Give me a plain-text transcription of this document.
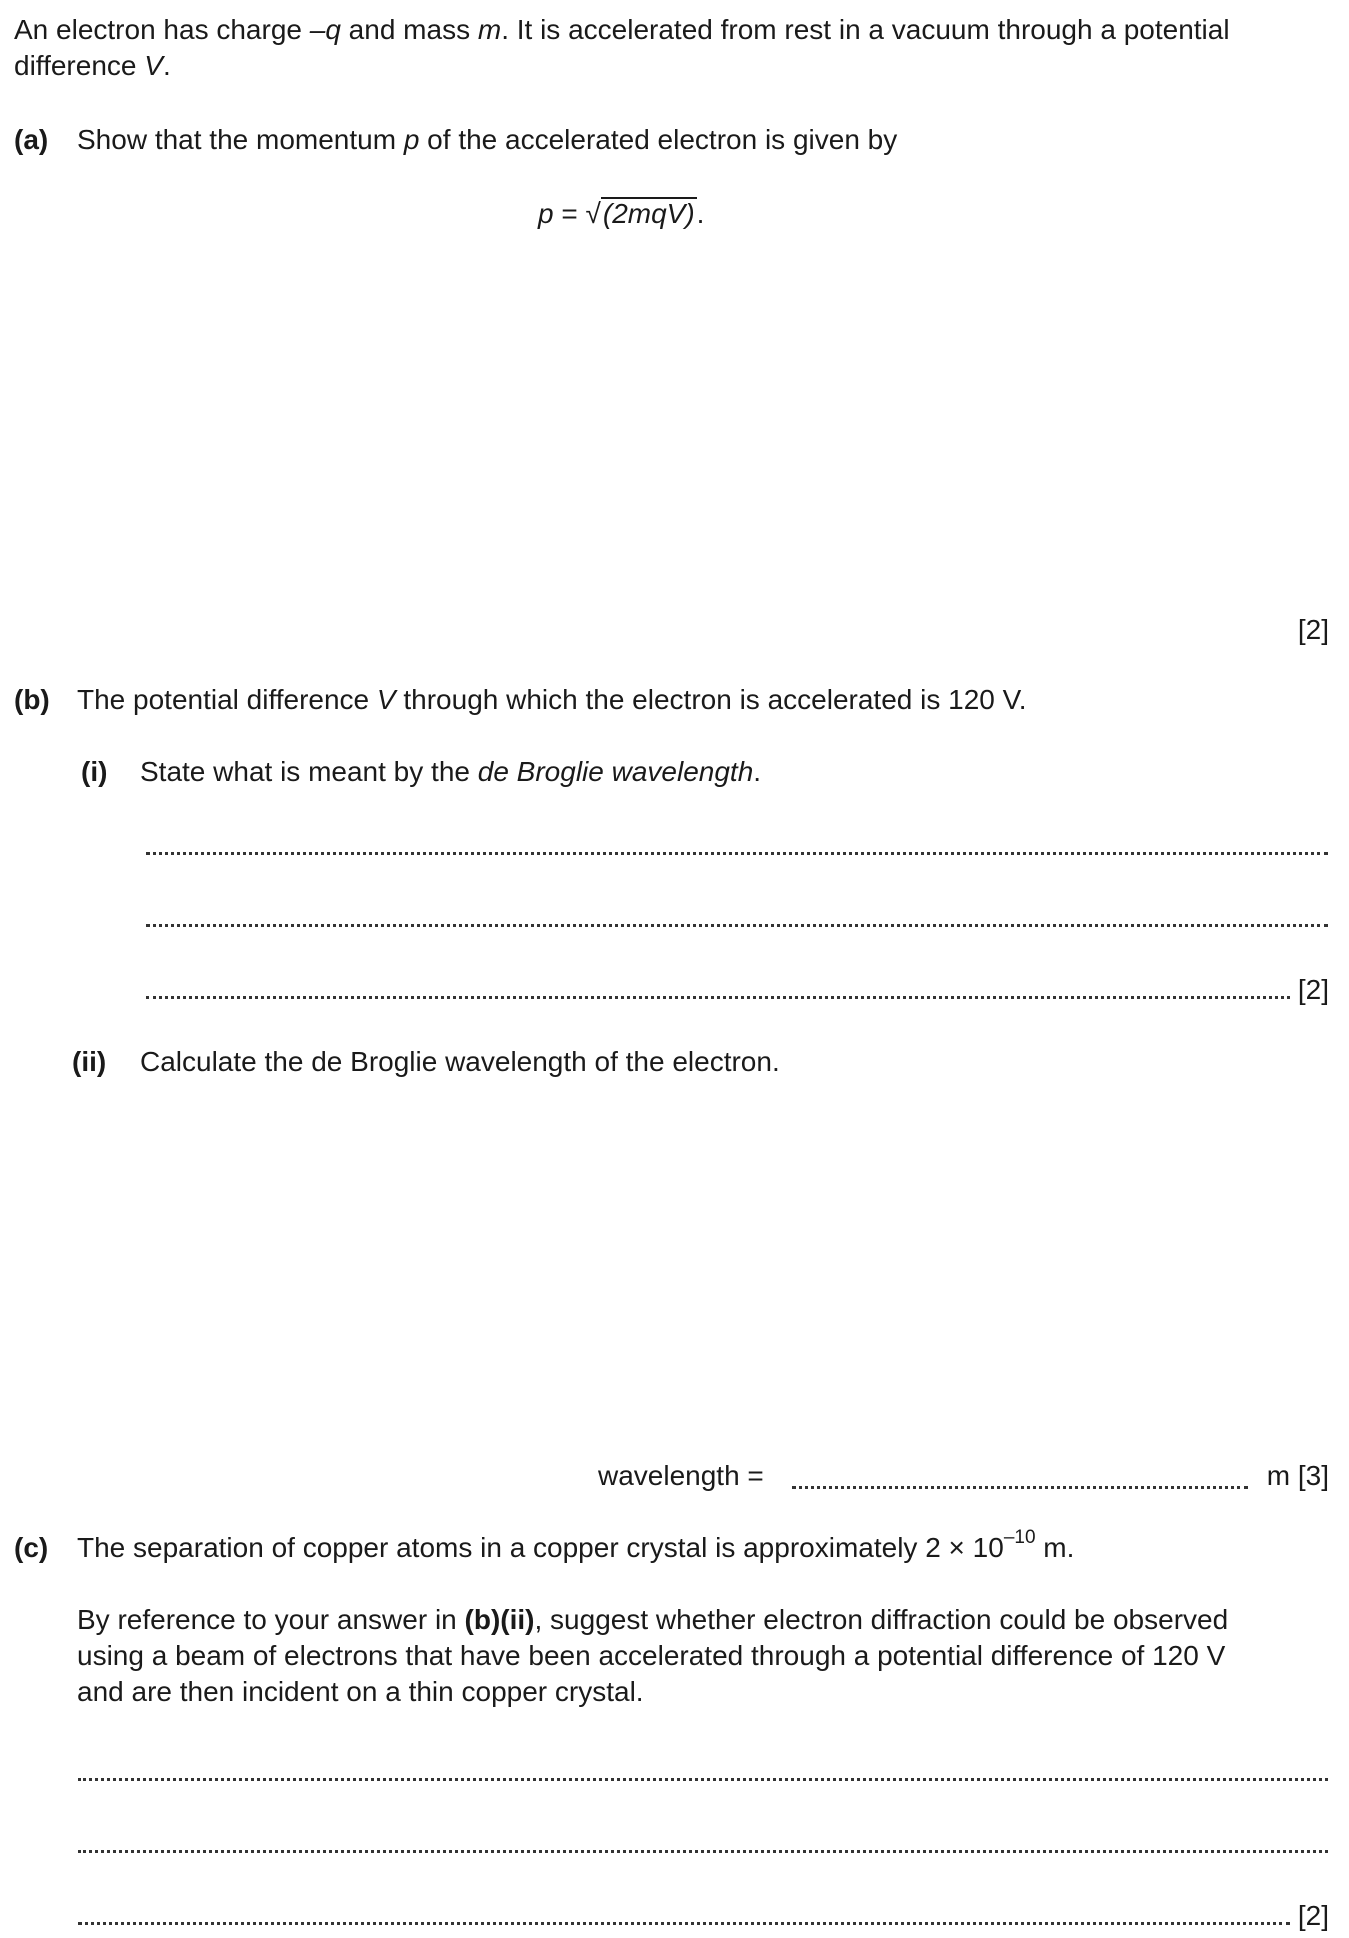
An electron has charge –q and mass m. It is accelerated from rest in a vacuum through a potential
difference V.
(a) Show that the momentum p of the accelerated electron is given by
p = √(2mqV).
[2]
(b) The potential difference V through which the electron is accelerated is 120 V.
(i) State what is meant by the de Broglie wavelength.
[2]
(ii) Calculate the de Broglie wavelength of the electron.
wavelength =	m [3]
(c) The separation of copper atoms in a copper crystal is approximately $2 \times 10^{-10}$ m.
By reference to your answer in (b)(ii), suggest whether electron diffraction could be observed
using a beam of electrons that have been accelerated through a potential difference of 120 V
and are then incident on a thin copper crystal.
[2]
